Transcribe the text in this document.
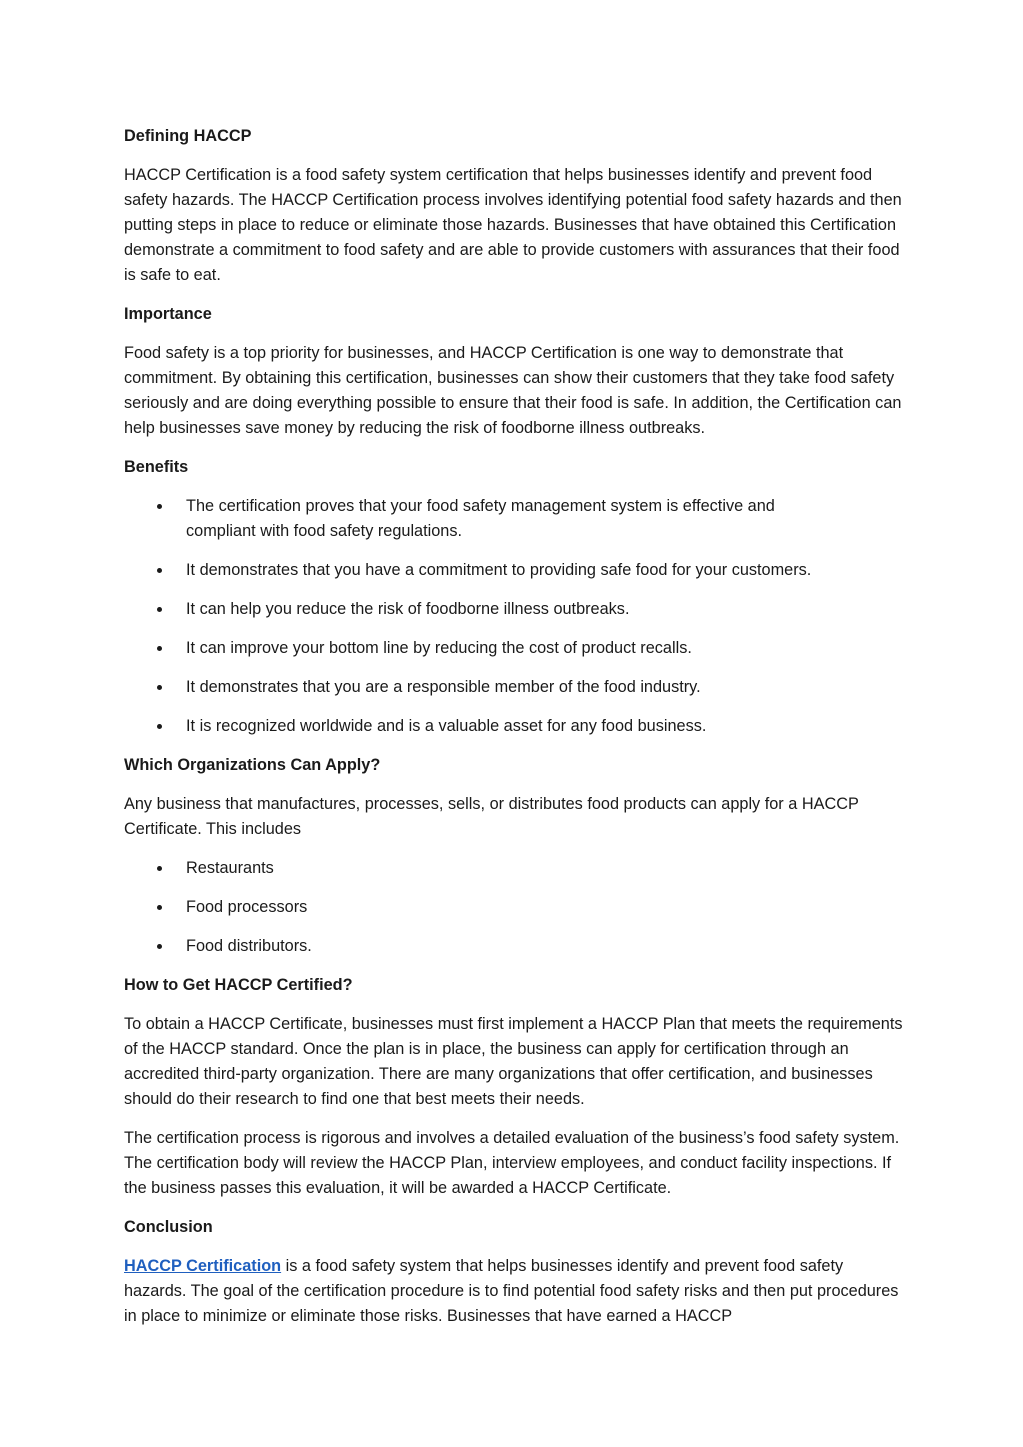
Defining HACCP
HACCP Certification is a food safety system certification that helps businesses identify and prevent food safety hazards. The HACCP Certification process involves identifying potential food safety hazards and then putting steps in place to reduce or eliminate those hazards. Businesses that have obtained this Certification demonstrate a commitment to food safety and are able to provide customers with assurances that their food is safe to eat.
Importance
Food safety is a top priority for businesses, and HACCP Certification is one way to demonstrate that commitment. By obtaining this certification, businesses can show their customers that they take food safety seriously and are doing everything possible to ensure that their food is safe. In addition, the Certification can help businesses save money by reducing the risk of foodborne illness outbreaks.
Benefits
The certification proves that your food safety management system is effective and compliant with food safety regulations.
It demonstrates that you have a commitment to providing safe food for your customers.
It can help you reduce the risk of foodborne illness outbreaks.
It can improve your bottom line by reducing the cost of product recalls.
It demonstrates that you are a responsible member of the food industry.
It is recognized worldwide and is a valuable asset for any food business.
Which Organizations Can Apply?
Any business that manufactures, processes, sells, or distributes food products can apply for a HACCP Certificate. This includes
Restaurants
Food processors
Food distributors.
How to Get HACCP Certified?
To obtain a HACCP Certificate, businesses must first implement a HACCP Plan that meets the requirements of the HACCP standard. Once the plan is in place, the business can apply for certification through an accredited third-party organization. There are many organizations that offer certification, and businesses should do their research to find one that best meets their needs.
The certification process is rigorous and involves a detailed evaluation of the business’s food safety system. The certification body will review the HACCP Plan, interview employees, and conduct facility inspections. If the business passes this evaluation, it will be awarded a HACCP Certificate.
Conclusion
HACCP Certification is a food safety system that helps businesses identify and prevent food safety hazards. The goal of the certification procedure is to find potential food safety risks and then put procedures in place to minimize or eliminate those risks. Businesses that have earned a HACCP
